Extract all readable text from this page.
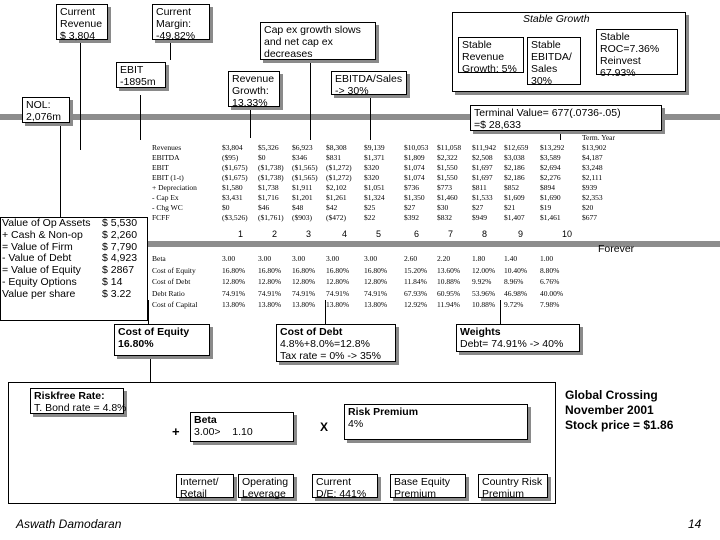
Current
Revenue
$ 3,804
Current
Margin:
-49.82%	Cap ex growth slows
and net cap ex
decreases
EBIT
-1895m	Revenue
Growth:
13.33%
EBITDA/Sales
-> 30%
NOL:
2,076m
Stable Growth
Stable
Revenue
Growth: 5%
Stable
EBITDA/
Sales
30%
Stable
ROC=7.36%
Reinvest
67.93%
Terminal Value= 677(.0736-.05)
=$ 28,633
Term. Year
Revenues	$3,804	$5,326	$6,923	$8,308	$9,139	$10,053	$11,058	$11,942	$12,659	$13,292	$13,902
EBITDA	($95)	$0	$346	$831	$1,371	$1,809	$2,322	$2,508	$3,038	$3,589	$4,187
EBIT	($1,675)	($1,738)	($1,565)	($1,272)	$320	$1,074	$1,550	$1,697	$2,186	$2,694	$3,248
EBIT (1-t)	($1,675)	($1,738)	($1,565)	($1,272)	$320	$1,074	$1,550	$1,697	$2,186	$2,276	$2,111
+ Depreciation	$1,580	$1,738	$1,911	$2,102	$1,051	$736	$773	$811	$852	$894	$939
- Cap Ex	$3,431	$1,716	$1,201	$1,261	$1,324	$1,350	$1,460	$1,533	$1,609	$1,690	$2,353
- Chg WC	$0	$46	$48	$42	$25	$27	$30	$27	$21	$19	$20
FCFF	($3,526)	($1,761)	($903)	($472)	$22	$392	$832	$949	$1,407	$1,461	$677
1	2	3	4	5	6	7	8	9	10
Forever
Beta	3.00	3.00	3.00	3.00	3.00	2.60	2.20	1.80	1.40	1.00
Cost of Equity	16.80%	16.80%	16.80%	16.80%	16.80%	15.20%	13.60%	12.00%	10.40%	8.80%
Cost of Debt	12.80%	12.80%	12.80%	12.80%	12.80%	11.84%	10.88%	9.92%	8.96%	6.76%
Debt Ratio	74.91%	74.91%	74.91%	74.91%	74.91%	67.93%	60.95%	53.96%	46.98%	40.00%
Cost of Capital	13.80%	13.80%	13.80%	13.80%	13.80%	12.92%	11.94%	10.88%	9.72%	7.98%
Value of Op Assets $ 5,530
+ Cash & Non-op $ 2,260
= Value of Firm	$ 7,790
- Value of Debt	$ 4,923
= Value of Equity $ 2867
- Equity Options $ 14
Value per share	$ 3.22
Cost of Equity
16.80%
Cost of Debt
4.8%+8.0%=12.8%
Tax rate = 0% -> 35%
Weights
Debt= 74.91% -> 40%
Riskfree Rate:
T. Bond rate = 4.8%
+
Beta
3.00>    1.10	X
Risk Premium
4%
Internet/
Retail
Operating
Leverage
Current
D/E: 441%
Base Equity
Premium
Country Risk
Premium
Global Crossing
November 2001
Stock price = $1.86
Aswath Damodaran	14
